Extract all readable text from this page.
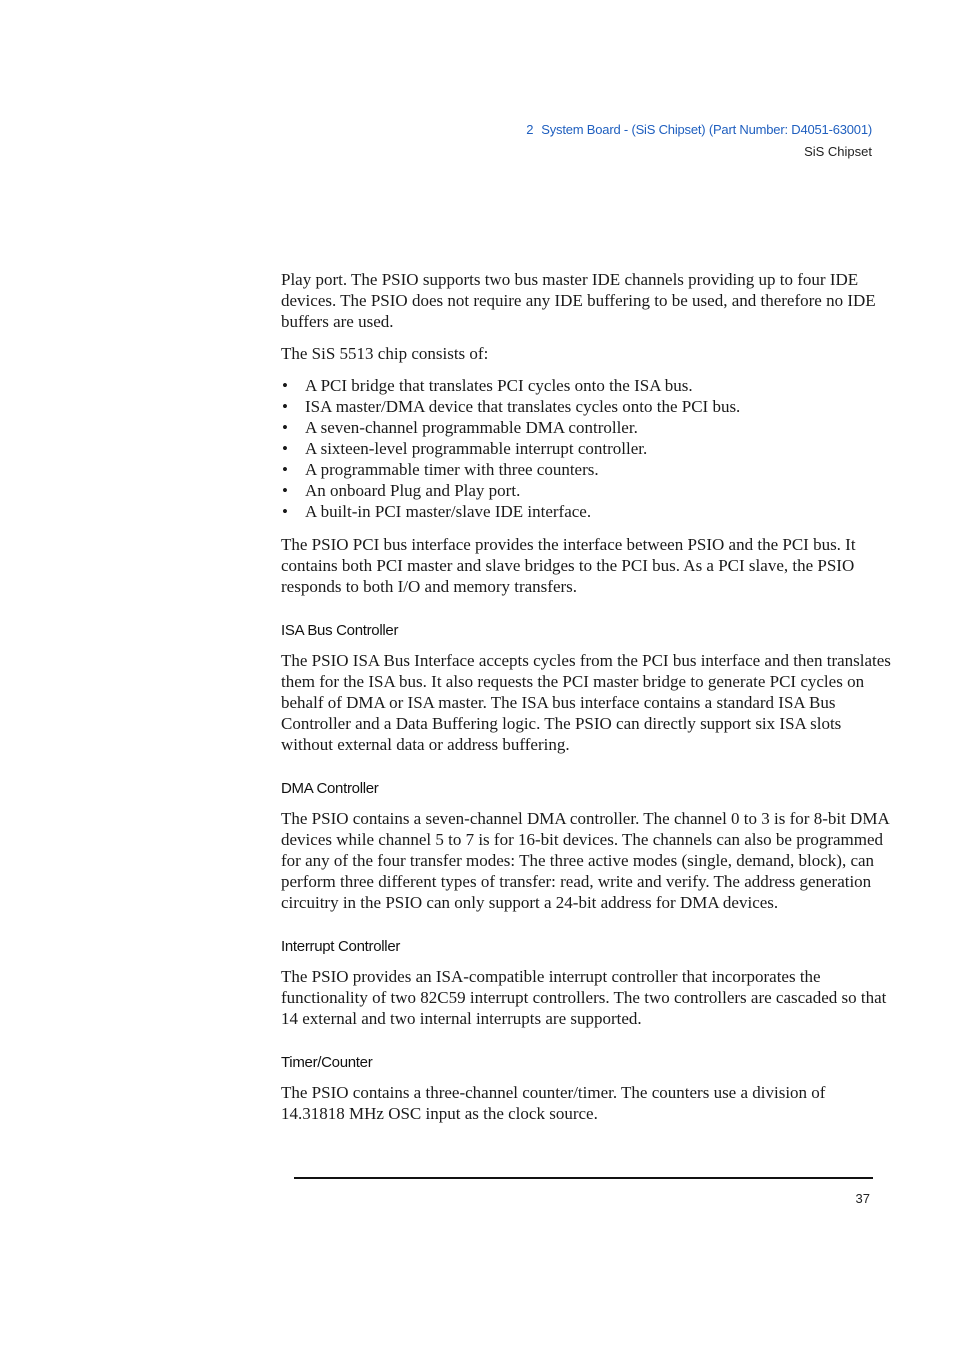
2 System Board - (SiS Chipset) (Part Number: D4051-63001)
SiS Chipset

Play port. The PSIO supports two bus master IDE channels providing up to four IDE devices. The PSIO does not require any IDE buffering to be used, and therefore no IDE buffers are used.

The SiS 5513 chip consists of:

• A PCI bridge that translates PCI cycles onto the ISA bus.
• ISA master/DMA device that translates cycles onto the PCI bus.
• A seven-channel programmable DMA controller.
• A sixteen-level programmable interrupt controller.
• A programmable timer with three counters.
• An onboard Plug and Play port.
• A built-in PCI master/slave IDE interface.

The PSIO PCI bus interface provides the interface between PSIO and the PCI bus. It contains both PCI master and slave bridges to the PCI bus. As a PCI slave, the PSIO responds to both I/O and memory transfers.

ISA Bus Controller

The PSIO ISA Bus Interface accepts cycles from the PCI bus interface and then translates them for the ISA bus. It also requests the PCI master bridge to generate PCI cycles on behalf of DMA or ISA master. The ISA bus interface contains a standard ISA Bus Controller and a Data Buffering logic. The PSIO can directly support six ISA slots without external data or address buffering.

DMA Controller

The PSIO contains a seven-channel DMA controller. The channel 0 to 3 is for 8-bit DMA devices while channel 5 to 7 is for 16-bit devices. The channels can also be programmed for any of the four transfer modes: The three active modes (single, demand, block), can perform three different types of transfer: read, write and verify. The address generation circuitry in the PSIO can only support a 24-bit address for DMA devices.

Interrupt Controller

The PSIO provides an ISA-compatible interrupt controller that incorporates the functionality of two 82C59 interrupt controllers. The two controllers are cascaded so that 14 external and two internal interrupts are supported.

Timer/Counter

The PSIO contains a three-channel counter/timer. The counters use a division of 14.31818 MHz OSC input as the clock source.

37
